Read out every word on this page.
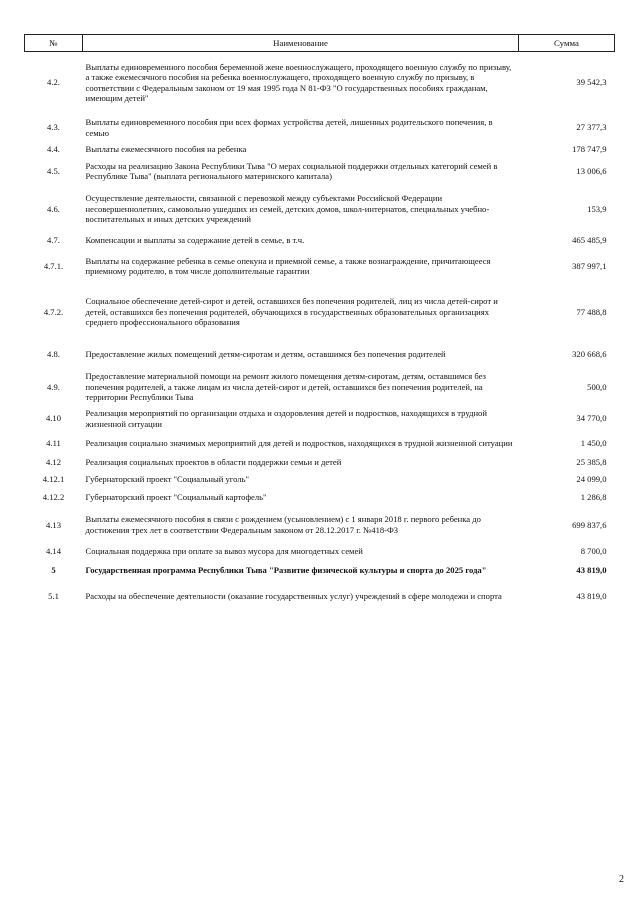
№	Наименование	Сумма
4.2.	Выплаты единовременного пособия беременной жене военнослужащего, проходящего военную службу по призыву, а также ежемесячного пособия на ребенка военнослужащего, проходящего военную службу по призыву, в соответствии с Федеральным законом от 19 мая 1995 года N 81-ФЗ "О государственных пособиях гражданам, имеющим детей"	39 542,3
4.3.	Выплаты единовременного пособия при всех формах устройства детей, лишенных родительского попечения, в семью	27 377,3
4.4.	Выплаты ежемесячного пособия на ребенка	178 747,9
4.5.	Расходы на реализацию Закона Республики Тыва "О мерах социальной поддержки отдельных категорий семей в Республике Тыва" (выплата регионального материнского капитала)	13 006,6
4.6.	Осуществление деятельности, связанной с перевозкой между субъектами Российской Федерации несовершеннолетних, самовольно ушедших из семей, детских домов, школ-интернатов, специальных учебно-воспитательных и иных детских учреждений	153,9
4.7.	Компенсации и выплаты за содержание детей в семье, в т.ч.	465 485,9
4.7.1.	Выплаты на содержание ребенка в семье опекуна и приемной семье, а также вознаграждение, причитающееся приемному родителю, в том числе дополнительные гарантии	387 997,1
4.7.2.	Социальное обеспечение детей-сирот и детей, оставшихся без попечения родителей, лиц из числа детей-сирот и детей, оставшихся без попечения родителей, обучающихся в государственных образовательных организациях среднего профессионального образования	77 488,8
4.8.	Предоставление жилых помещений детям-сиротам и детям, оставшимся без попечения родителей	320 668,6
4.9.	Предоставление материальной помощи на ремонт жилого помещения детям-сиротам, детям, оставшимся без попечения родителей, а также лицам из числа детей-сирот и детей, оставшихся без попечения родителей, на территории Республики Тыва	500,0
4.10	Реализация мероприятий по организации отдыха и оздоровления детей и подростков, находящихся в трудной жизненной ситуации	34 770,0
4.11	Реализация социально значимых мероприятий для детей и подростков, находящихся в трудной жизненной ситуации	1 450,0
4.12	Реализация социальных проектов в области поддержки семьи и детей	25 385,8
4.12.1	Губернаторский проект "Социальный уголь"	24 099,0
4.12.2	Губернаторский проект "Социальный картофель"	1 286,8
4.13	Выплаты ежемесячного пособия в связи с рождением (усыновлением) с 1 января 2018 г. первого ребенка до достижения трех лет в соответствии Федеральным законом от 28.12.2017 г. №418-ФЗ	699 837,6
4.14	Социальная поддержка при оплате за вывоз мусора для многодетных семей	8 700,0
5	Государственная программа Республики Тыва "Развитие физической культуры и спорта до 2025 года"	43 819,0
5.1	Расходы на обеспечение деятельности (оказание государственных услуг) учреждений в сфере молодежи и спорта	43 819,0
2
